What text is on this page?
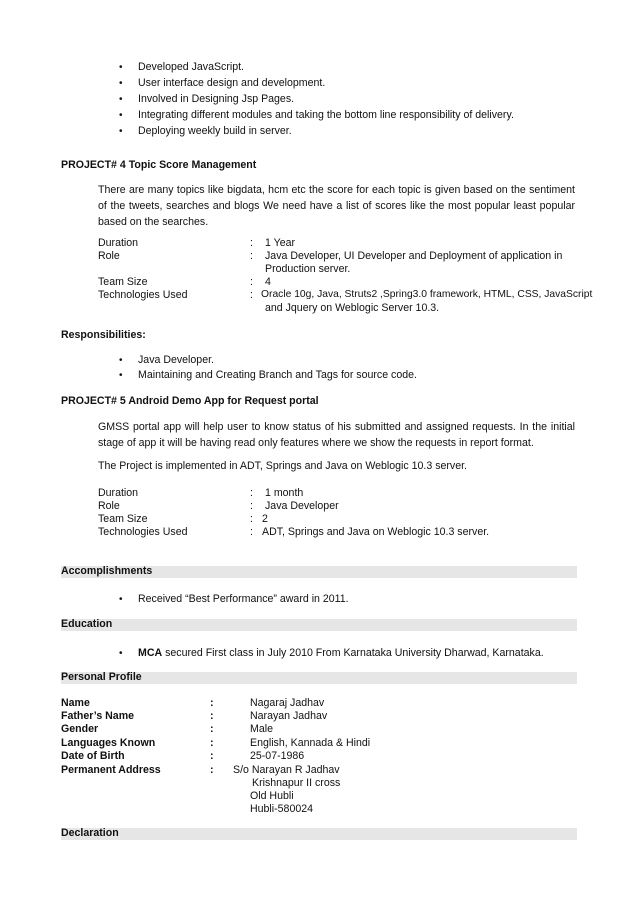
• Developed JavaScript.
• User interface design and development.
• Involved in Designing Jsp Pages.
• Integrating different modules and taking the bottom line responsibility of delivery.
• Deploying weekly build in server.
PROJECT# 4 Topic Score Management
There are many topics like bigdata, hcm etc the score for each topic is given based on the sentiment of the tweets, searches and blogs We need have a list of scores like the most popular least popular based on the searches.
Duration	: 1 Year
Role	: Java Developer, UI Developer and Deployment of application in
Production server.
Team Size	: 4
Technologies Used	: Oracle 10g, Java, Struts2 ,Spring3.0 framework, HTML, CSS, JavaScript
and Jquery on Weblogic Server 10.3.
Responsibilities:
• Java Developer.
• Maintaining and Creating Branch and Tags for source code.
PROJECT# 5 Android Demo App for Request portal
GMSS portal app will help user to know status of his submitted and assigned requests. In the initial stage of app it will be having read only features where we show the requests in report format.
The Project is implemented in ADT, Springs and Java on Weblogic 10.3 server.
Duration	: 1 month
Role	: Java Developer
Team Size	: 2
Technologies Used	: ADT, Springs and Java on Weblogic 10.3 server.
Accomplishments
• Received “Best Performance” award in 2011.
Education
• MCA secured First class in July 2010 From Karnataka University Dharwad, Karnataka.
Personal Profile
Name	:	Nagaraj Jadhav
Father’s Name	:	Narayan Jadhav
Gender	:	Male
Languages Known	:	English, Kannada & Hindi
Date of Birth	:	25-07-1986
Permanent Address	: S/o Narayan R Jadhav
Krishnapur II cross
Old Hubli
Hubli-580024
Declaration
